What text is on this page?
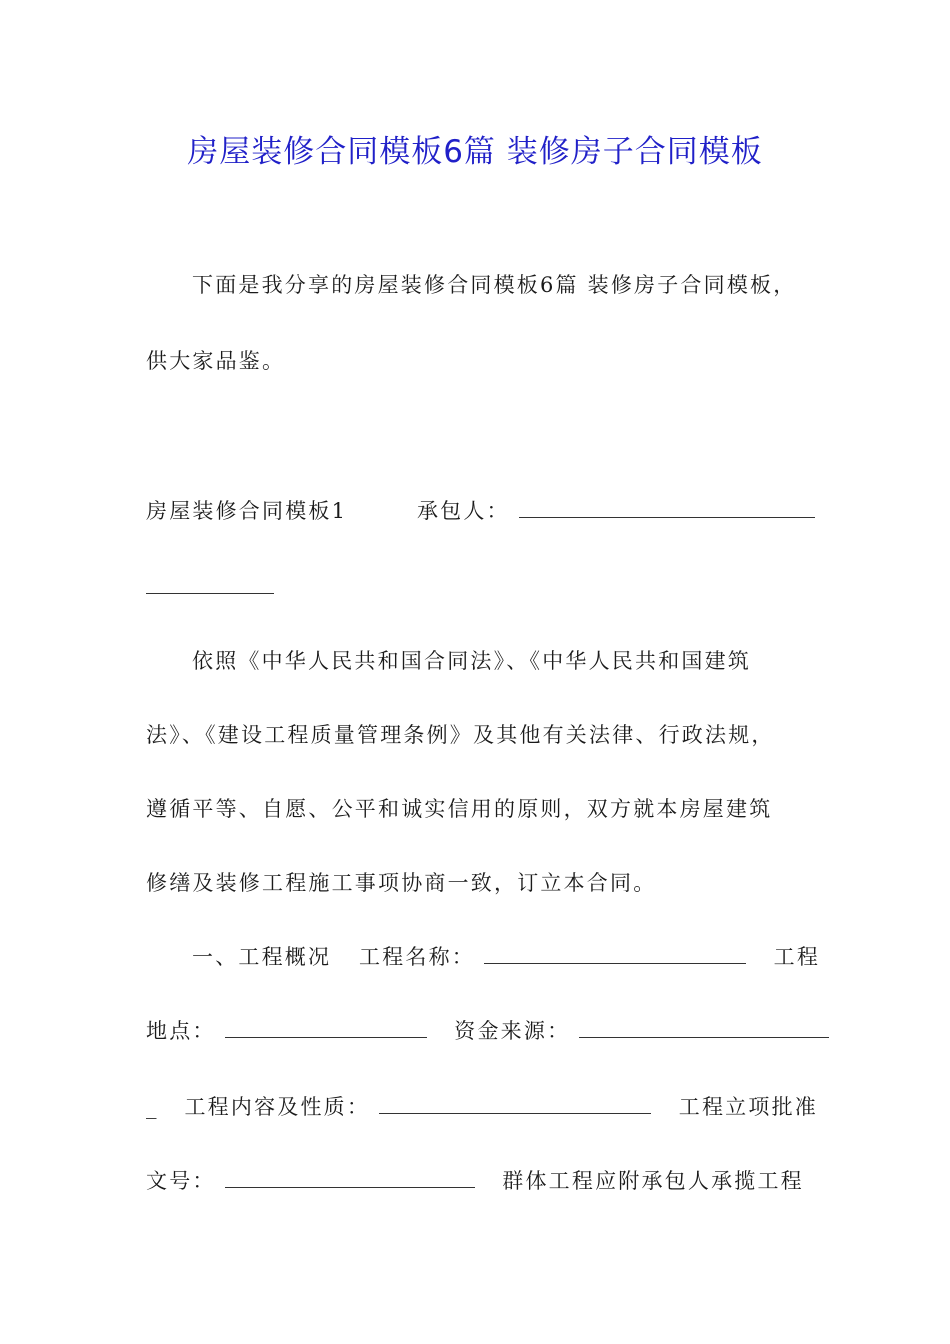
房屋装修合同模板6篇 装修房子合同模板
下面是我分享的房屋装修合同模板6篇 装修房子合同模板，
供大家品鉴。
房屋装修合同模板1	承包人：
依照《中华人民共和国合同法》、《中华人民共和国建筑
法》、《建设工程质量管理条例》及其他有关法律、行政法规，
遵循平等、自愿、公平和诚实信用的原则，双方就本房屋建筑
修缮及装修工程施工事项协商一致，订立本合同。
一、工程概况 工程名称：	工程
地点：	资金来源：
_ 工程内容及性质：	工程立项批准
文号：	群体工程应附承包人承揽工程
